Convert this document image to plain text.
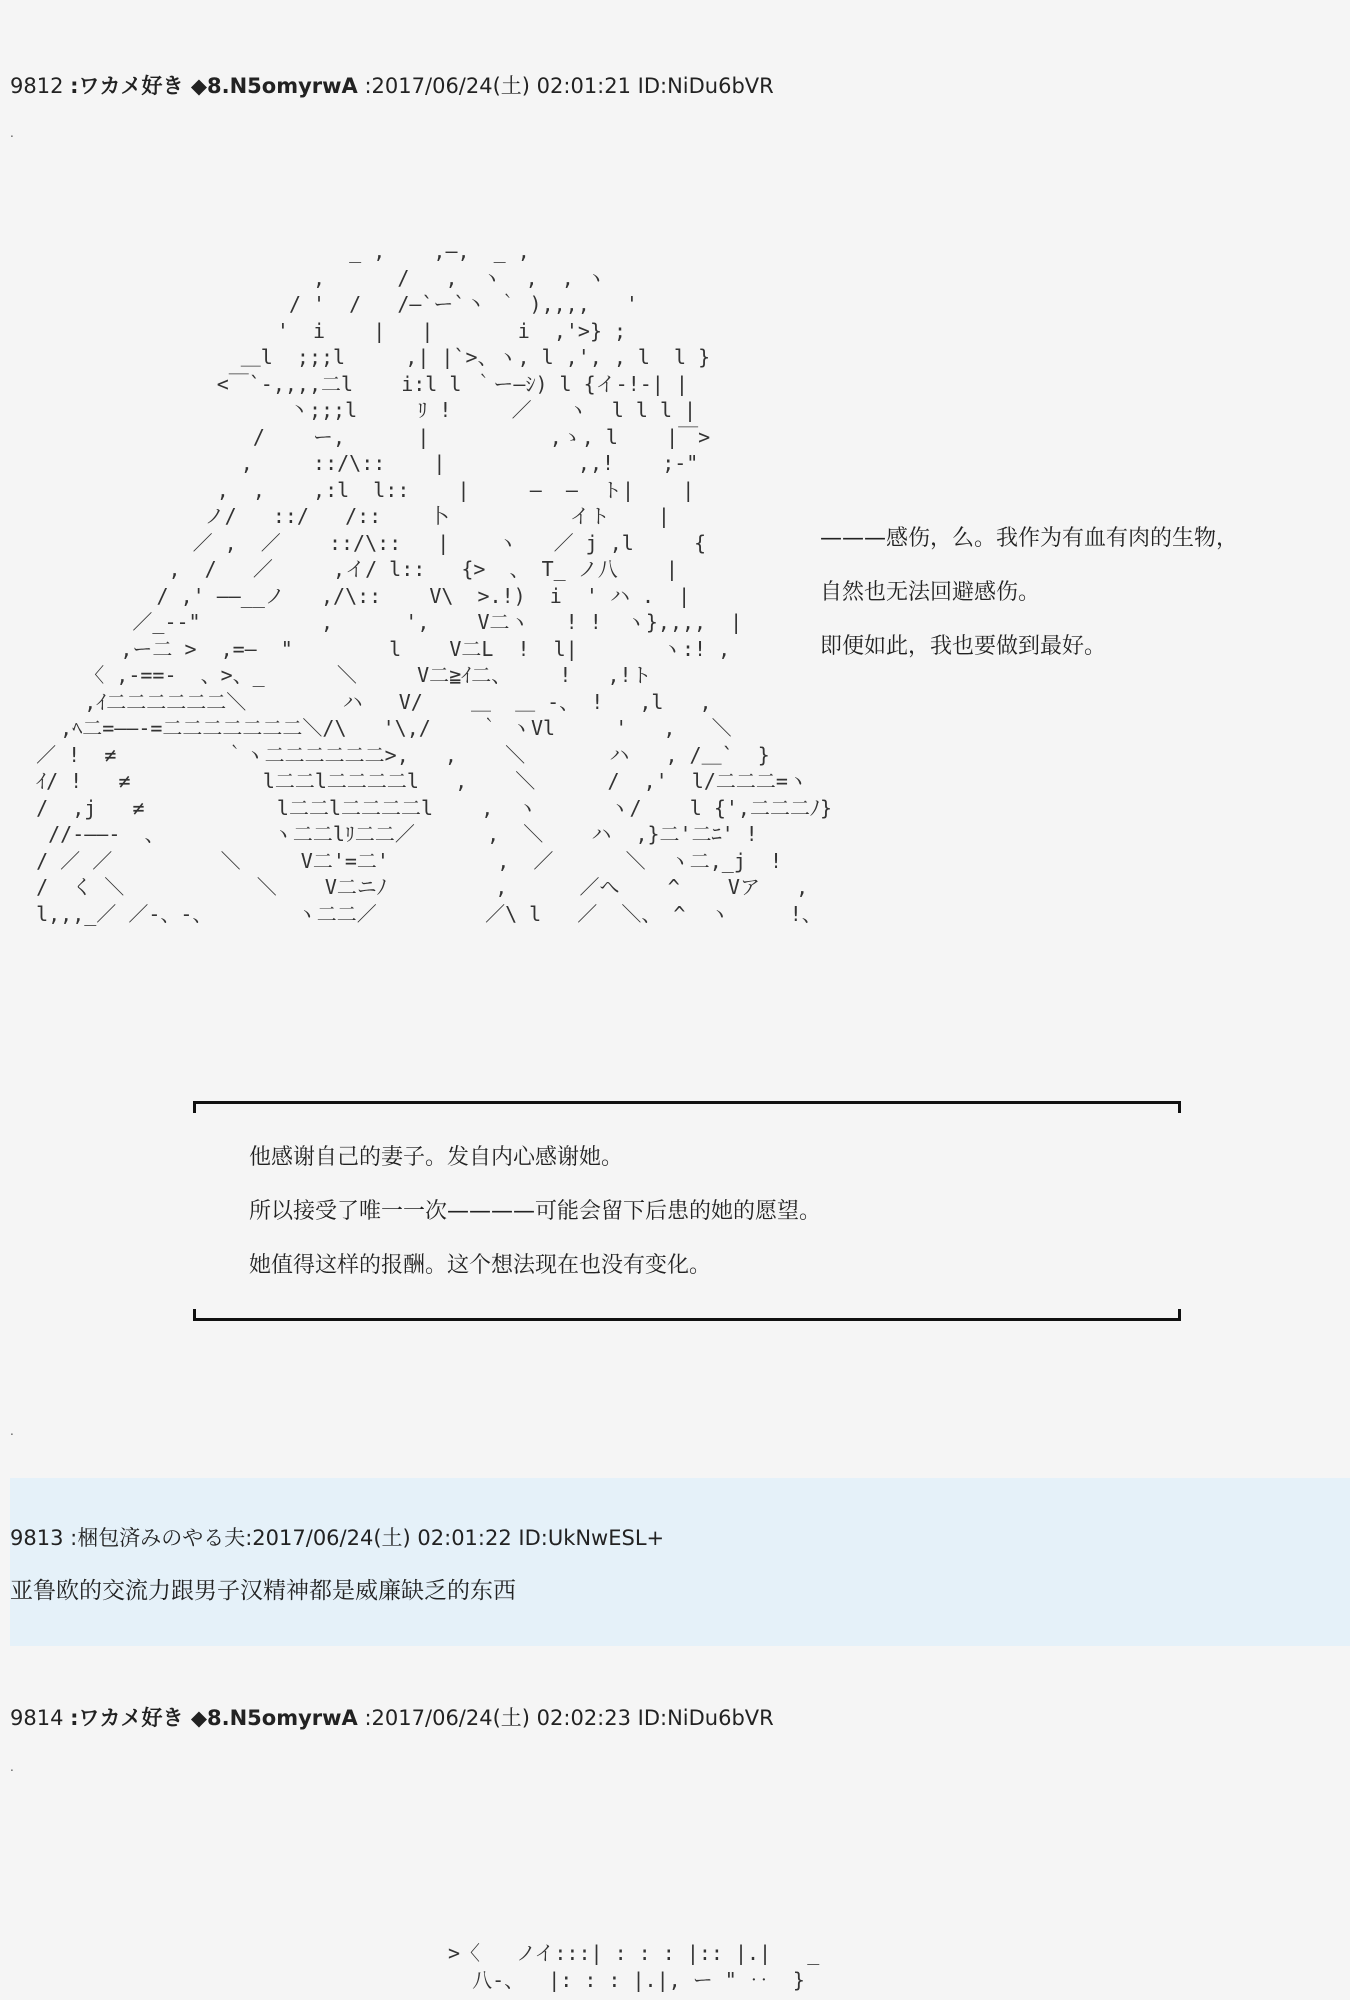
9812 :ワカメ好き ◆8.N5omyrwA :2017/06/24(土) 02:01:21 ID:NiDu6bVR
.
_ ,    ,—,  _ ,
,      /   ,  ヽ  ,  , ヽ
/ '  /   /―`ー`丶 ｀ ),,,,   '
'  i    |   |       i  ,'>} ;
＿l  ;;;l     ,| |`>、ヽ, l ,', , l  l }
<￣`-,,,,二l    i:l l ｀ー—ｼ) l {イ-!-| |
丶;;;l     ﾘ !     ／   ヽ  l l l |
/    ー,      |          ,ゝ, l    |￣>
,     ::/\::    |           ,,!    ;-"
,  ,    ,:l  l::    |     ―  ―  ト|    |
ノ/   ::/   /::    卜          イト    |
／ ,  ／    ::/\::   |    ヽ   ／ j ,l     {
,  /   ／     ,イ/ l::   {>  、 T_ ノ八    |
/ ,' ——__ノ   ,/\::    V\  >.!)  i  ' ハ .  |
／_-‐"          ,      ',    V二ヽ   ! !  ヽ},,,,  |
,ー二 >  ,=—  "        l    V二L  !  l|       ヽ:! ,
〈 ,-==-  、>、_      ＼     V二≧ｲ二、    !   ,!ト
,ｲ二二二二二二＼        ハ   V/    ＿  ＿ -、 !   ,l   ,
,ﾍ二=——-=二二二二二二二＼/\   '\,/    ｀ ヽVl     '   ,   ＼
／ !  ≠         ｀ヽ二二二二二二>,   ,    ＼       ハ   , /＿`  }
ｲ/ !   ≠           l二二l二二二二l   ,    ＼      /  ,'  l/二二二=ヽ
/  ,j   ≠           l二二l二二二二l    ,  ヽ      ヽ/    l {',二二二ﾉ}
//-——-  、         ヽ二二lﾘ二二／      ,  ＼    ハ  ,}二'二ﾆ' !
/ ／ ／         ＼     V二'=二'         ,  ／      ＼  ヽ二,_j  !
/  く ＼           ＼    V二ニﾉ         ,      ／へ    ^    Vア   ,
l,,,_／ ／-、-、       ヽ二二／         ／\ l   ／  ＼、 ^  ヽ     !、
———感伤，么。我作为有血有肉的生物，
自然也无法回避感伤。
即便如此，我也要做到最好。
他感谢自己的妻子。发自内心感谢她。
所以接受了唯一一次————可能会留下后患的她的愿望。
她值得这样的报酬。这个想法现在也没有变化。
.
9813 :梱包済みのやる夫:2017/06/24(土) 02:01:22 ID:UkNwESL+
亚鲁欧的交流力跟男子汉精神都是威廉缺乏的东西
9814 :ワカメ好き ◆8.N5omyrwA :2017/06/24(土) 02:02:23 ID:NiDu6bVR
.
>〈   ノイ:::| : : : |:: |.|   _
八-、  |: : : |.|, ー " ‥  }
